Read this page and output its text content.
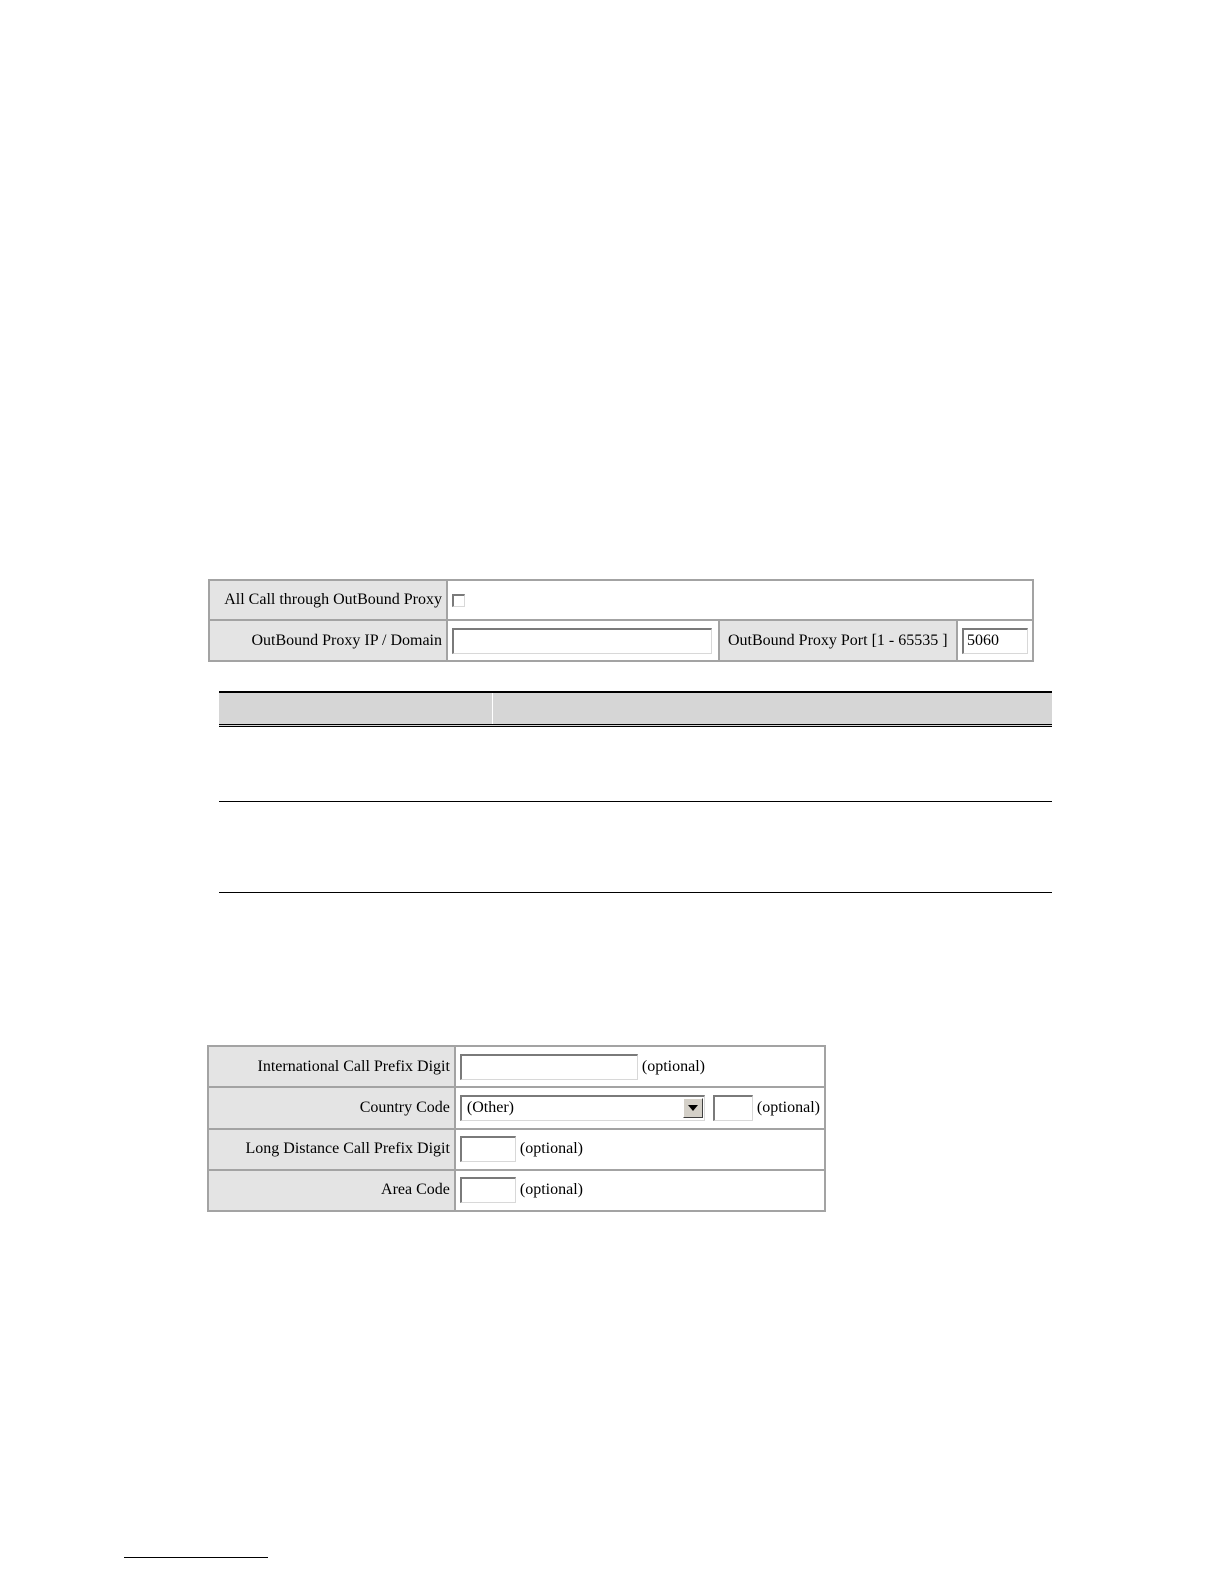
All Call through OutBound Proxy			
OutBound Proxy IP / Domain		OutBound Proxy Port [1 - 65535 ]	5060
International Call Prefix Digit	(optional)
Country Code	(Other) (optional)
Long Distance Call Prefix Digit	(optional)
Area Code	(optional)
